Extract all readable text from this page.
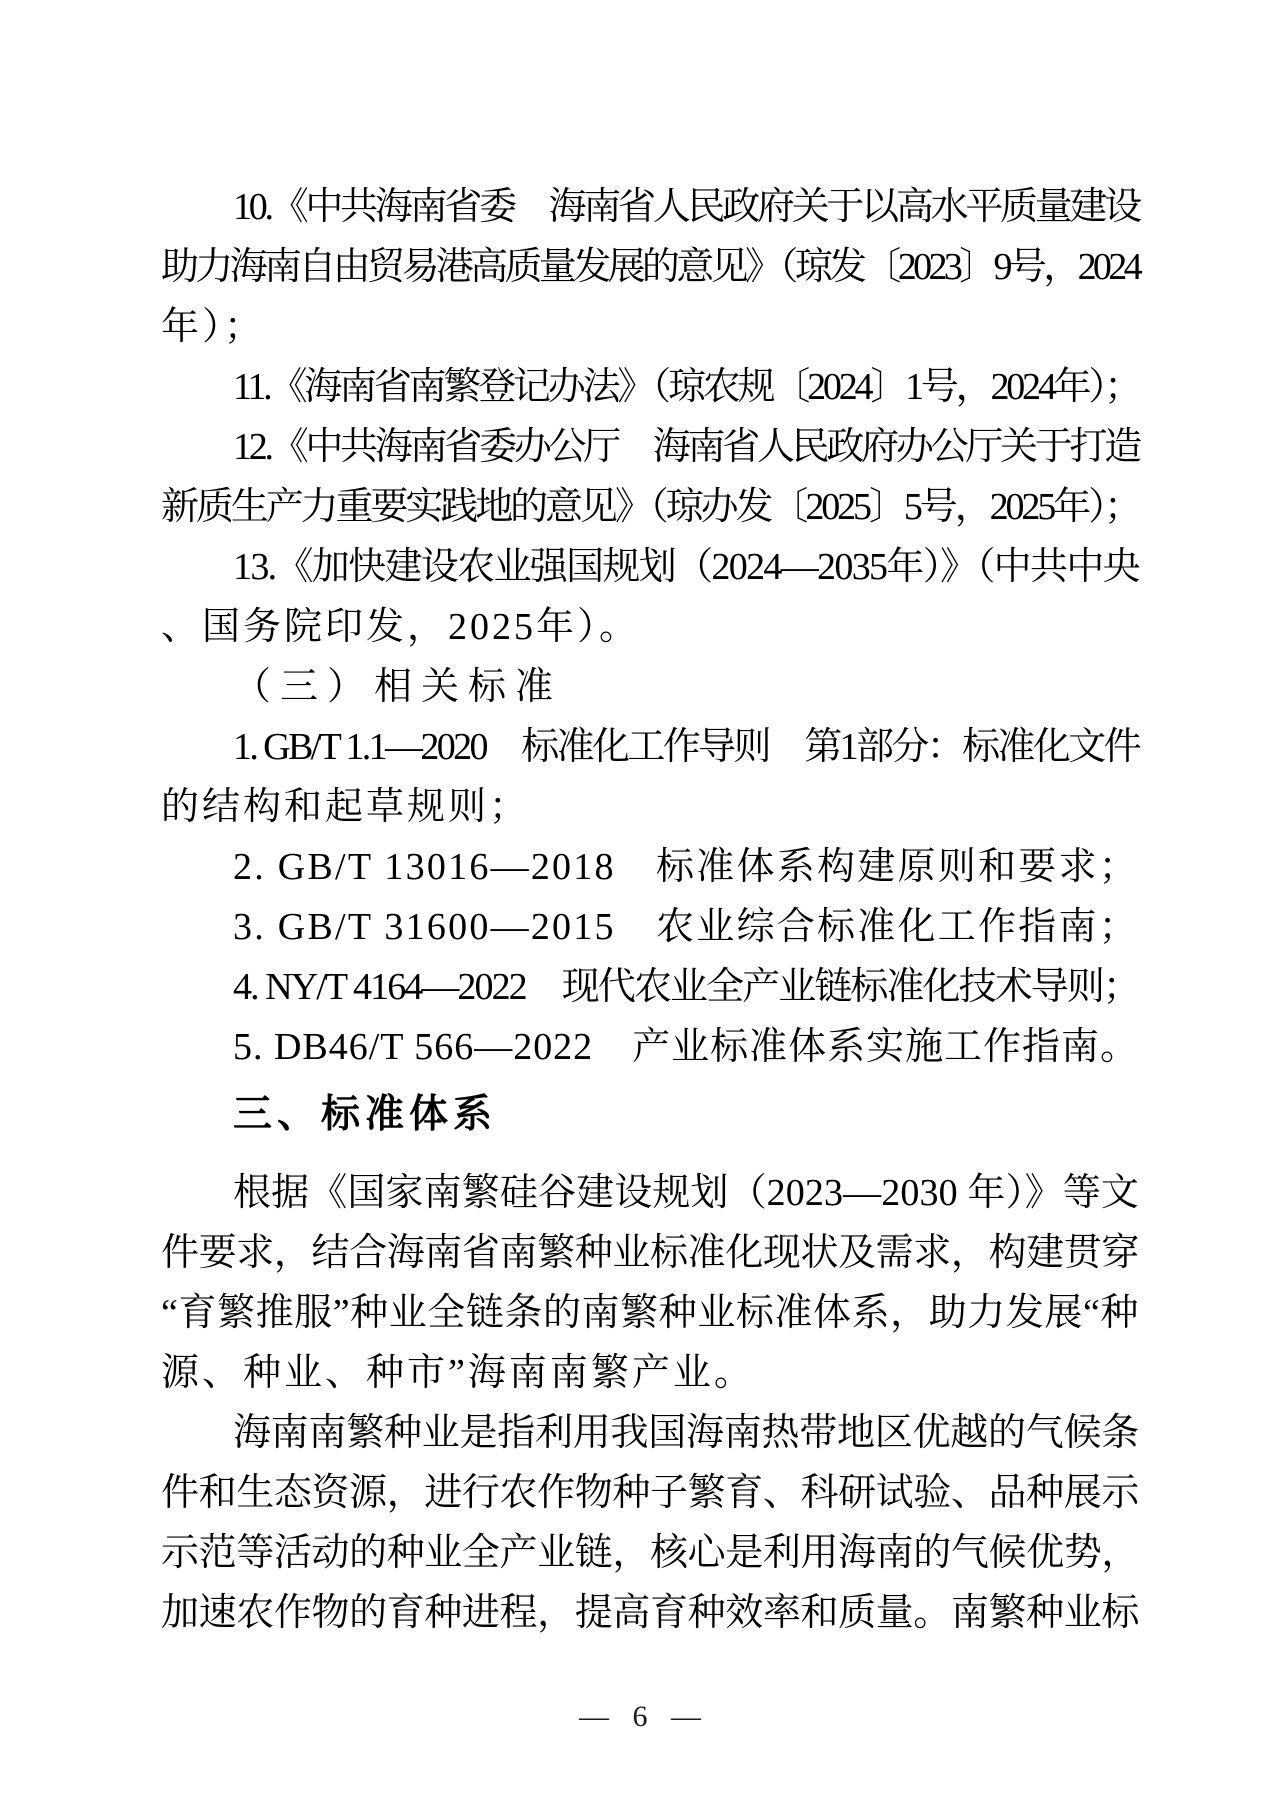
10.《中共海南省委　海南省人民政府关于以高水平质量建设
助力海南自由贸易港高质量发展的意见》（琼发〔2023〕9号，2024
年）；
11.《海南省南繁登记办法》（琼农规〔2024〕1号，2024年）；
12.《中共海南省委办公厅　海南省人民政府办公厅关于打造
新质生产力重要实践地的意见》（琼办发〔2025〕5号，2025年）；
13.《加快建设农业强国规划（2024—2035年）》（中共中央
、国务院印发，2025年）。
（三）相关标准
1. GB/T 1.1—2020　标准化工作导则　第1部分：标准化文件
的结构和起草规则；
2. GB/T 13016—2018　标准体系构建原则和要求；
3. GB/T 31600—2015　农业综合标准化工作指南；
4. NY/T 4164—2022　现代农业全产业链标准化技术导则；
5. DB46/T 566—2022　产业标准体系实施工作指南。
三、标准体系
根据《国家南繁硅谷建设规划（2023—2030 年）》等文
件要求，结合海南省南繁种业标准化现状及需求，构建贯穿
“育繁推服”种业全链条的南繁种业标准体系，助力发展“种
源、种业、种市”海南南繁产业。
海南南繁种业是指利用我国海南热带地区优越的气候条
件和生态资源，进行农作物种子繁育、科研试验、品种展示
示范等活动的种业全产业链，核心是利用海南的气候优势，
加速农作物的育种进程，提高育种效率和质量。南繁种业标
— 6 —
